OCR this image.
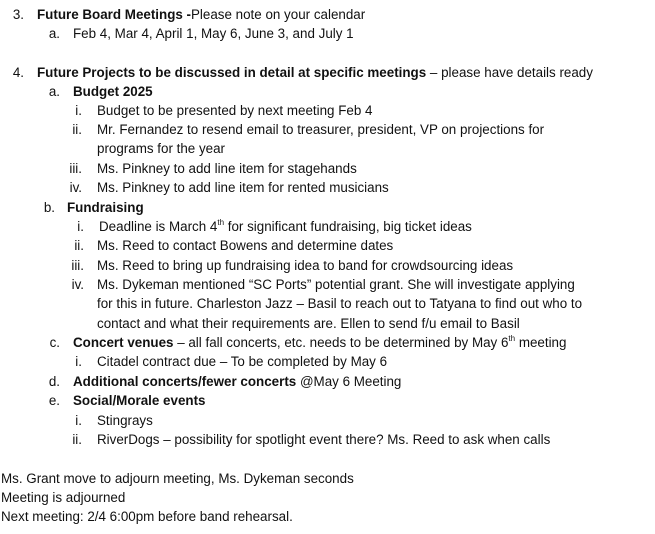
3. Future Board Meetings -Please note on your calendar
a. Feb 4, Mar 4, April 1, May 6, June 3, and July 1
4. Future Projects to be discussed in detail at specific meetings – please have details ready
a. Budget 2025
i. Budget to be presented by next meeting Feb 4
ii. Mr. Fernandez to resend email to treasurer, president, VP on projections for
programs for the year
iii. Ms. Pinkney to add line item for stagehands
iv. Ms. Pinkney to add line item for rented musicians
b. Fundraising
i. Deadline is March 4th for significant fundraising, big ticket ideas
ii. Ms. Reed to contact Bowens and determine dates
iii. Ms. Reed to bring up fundraising idea to band for crowdsourcing ideas
iv. Ms. Dykeman mentioned “SC Ports” potential grant. She will investigate applying
for this in future. Charleston Jazz – Basil to reach out to Tatyana to find out who to
contact and what their requirements are. Ellen to send f/u email to Basil
c. Concert venues – all fall concerts, etc. needs to be determined by May 6th meeting
i. Citadel contract due – To be completed by May 6
d. Additional concerts/fewer concerts @May 6 Meeting
e. Social/Morale events
i. Stingrays
ii. RiverDogs – possibility for spotlight event there? Ms. Reed to ask when calls
Ms. Grant move to adjourn meeting, Ms. Dykeman seconds
Meeting is adjourned
Next meeting: 2/4 6:00pm before band rehearsal.
